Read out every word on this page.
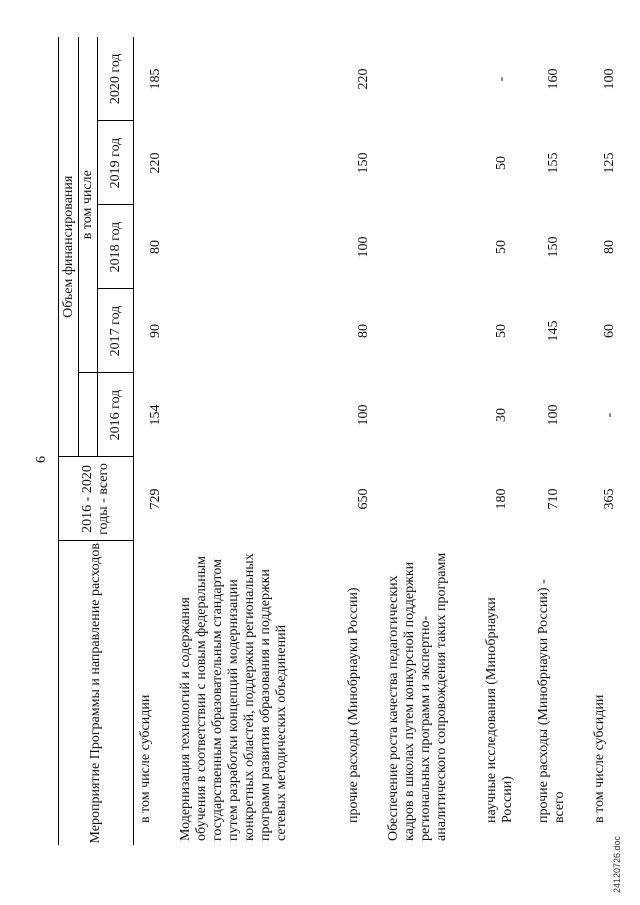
6
Мероприятие Программы и направление расходов	2016 - 2020 годы - всего	Объем финансирования				
			в том числе			
		2016 год	2017 год	2018 год	2019 год	2020 год
в том числе субсидии	729	154	90	80	220	185
Модернизация технологий и содержания обучения в соответствии с новым федеральным государственным образовательным стандартом путем разработки концепций модернизации конкретных областей, поддержки региональных программ развития образования и поддержки сетевых методических объединений						
прочие расходы (Минобрнауки России)	650	100	80	100	150	220
Обеспечение роста качества педагогических кадров в школах путем конкурсной поддержки региональных программ и экспертно-аналитического сопровождения таких программ						
научные исследования (Минобрнауки России)	180	30	50	50	50	-
прочие расходы (Минобрнауки России) - всего	710	100	145	150	155	160
в том числе субсидии	365	-	60	80	125	100
24120726.doc
